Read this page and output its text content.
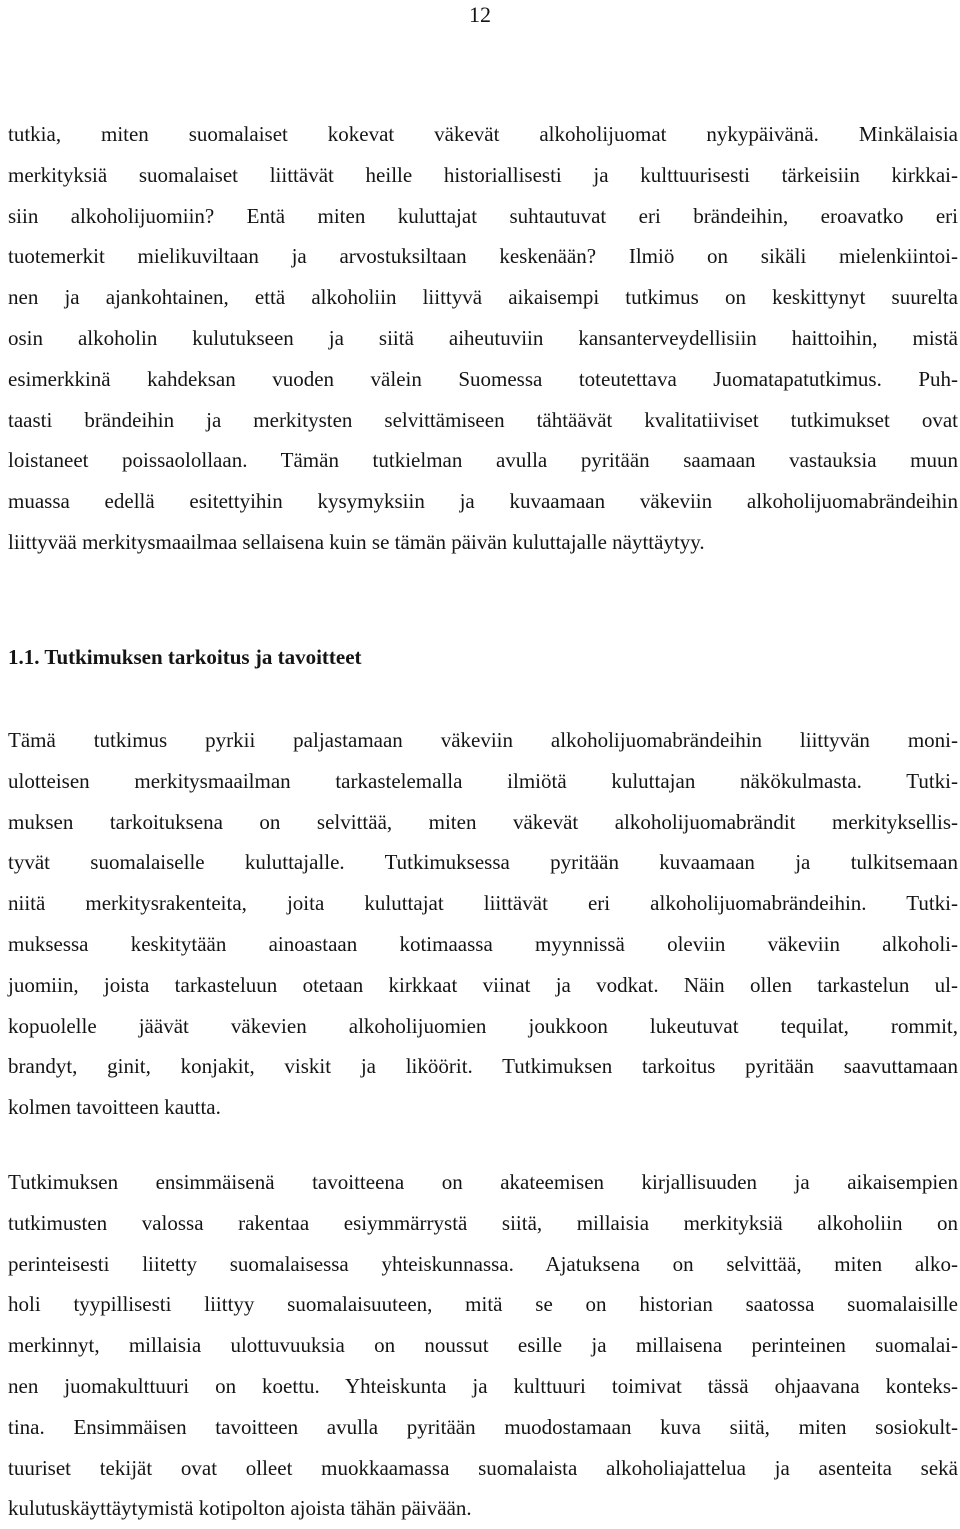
12
tutkia, miten suomalaiset kokevat väkevät alkoholijuomat nykypäivänä. Minkälaisia
merkityksiä suomalaiset liittävät heille historiallisesti ja kulttuurisesti tärkeisiin kirkkai-
siin alkoholijuomiin? Entä miten kuluttajat suhtautuvat eri brändeihin, eroavatko eri
tuotemerkit mielikuviltaan ja arvostuksiltaan keskenään? Ilmiö on sikäli mielenkiintoi-
nen ja ajankohtainen, että alkoholiin liittyvä aikaisempi tutkimus on keskittynyt suurelta
osin alkoholin kulutukseen ja siitä aiheutuviin kansanterveydellisiin haittoihin, mistä
esimerkkinä kahdeksan vuoden välein Suomessa toteutettava Juomatapatutkimus. Puh-
taasti brändeihin ja merkitysten selvittämiseen tähtäävät kvalitatiiviset tutkimukset ovat
loistaneet poissaolollaan. Tämän tutkielman avulla pyritään saamaan vastauksia muun
muassa edellä esitettyihin kysymyksiin ja kuvaamaan väkeviin alkoholijuomabrändeihin
liittyvää merkitysmaailmaa sellaisena kuin se tämän päivän kuluttajalle näyttäytyy.
1.1. Tutkimuksen tarkoitus ja tavoitteet
Tämä tutkimus pyrkii paljastamaan väkeviin alkoholijuomabrändeihin liittyvän moni-
ulotteisen merkitysmaailman tarkastelemalla ilmiötä kuluttajan näkökulmasta. Tutki-
muksen tarkoituksena on selvittää, miten väkevät alkoholijuomabrändit merkityksellis-
tyvät suomalaiselle kuluttajalle. Tutkimuksessa pyritään kuvaamaan ja tulkitsemaan
niitä merkitysrakenteita, joita kuluttajat liittävät eri alkoholijuomabrändeihin. Tutki-
muksessa keskitytään ainoastaan kotimaassa myynnissä oleviin väkeviin alkoholi-
juomiin, joista tarkasteluun otetaan kirkkaat viinat ja vodkat. Näin ollen tarkastelun ul-
kopuolelle jäävät väkevien alkoholijuomien joukkoon lukeutuvat tequilat, rommit,
brandyt, ginit, konjakit, viskit ja liköörit. Tutkimuksen tarkoitus pyritään saavuttamaan
kolmen tavoitteen kautta.
Tutkimuksen ensimmäisenä tavoitteena on akateemisen kirjallisuuden ja aikaisempien
tutkimusten valossa rakentaa esiymmärrystä siitä, millaisia merkityksiä alkoholiin on
perinteisesti liitetty suomalaisessa yhteiskunnassa. Ajatuksena on selvittää, miten alko-
holi tyypillisesti liittyy suomalaisuuteen, mitä se on historian saatossa suomalaisille
merkinnyt, millaisia ulottuvuuksia on noussut esille ja millaisena perinteinen suomalai-
nen juomakulttuuri on koettu. Yhteiskunta ja kulttuuri toimivat tässä ohjaavana konteks-
tina. Ensimmäisen tavoitteen avulla pyritään muodostamaan kuva siitä, miten sosiokult-
tuuriset tekijät ovat olleet muokkaamassa suomalaista alkoholiajattelua ja asenteita sekä
kulutuskäyttäytymistä kotipolton ajoista tähän päivään.
